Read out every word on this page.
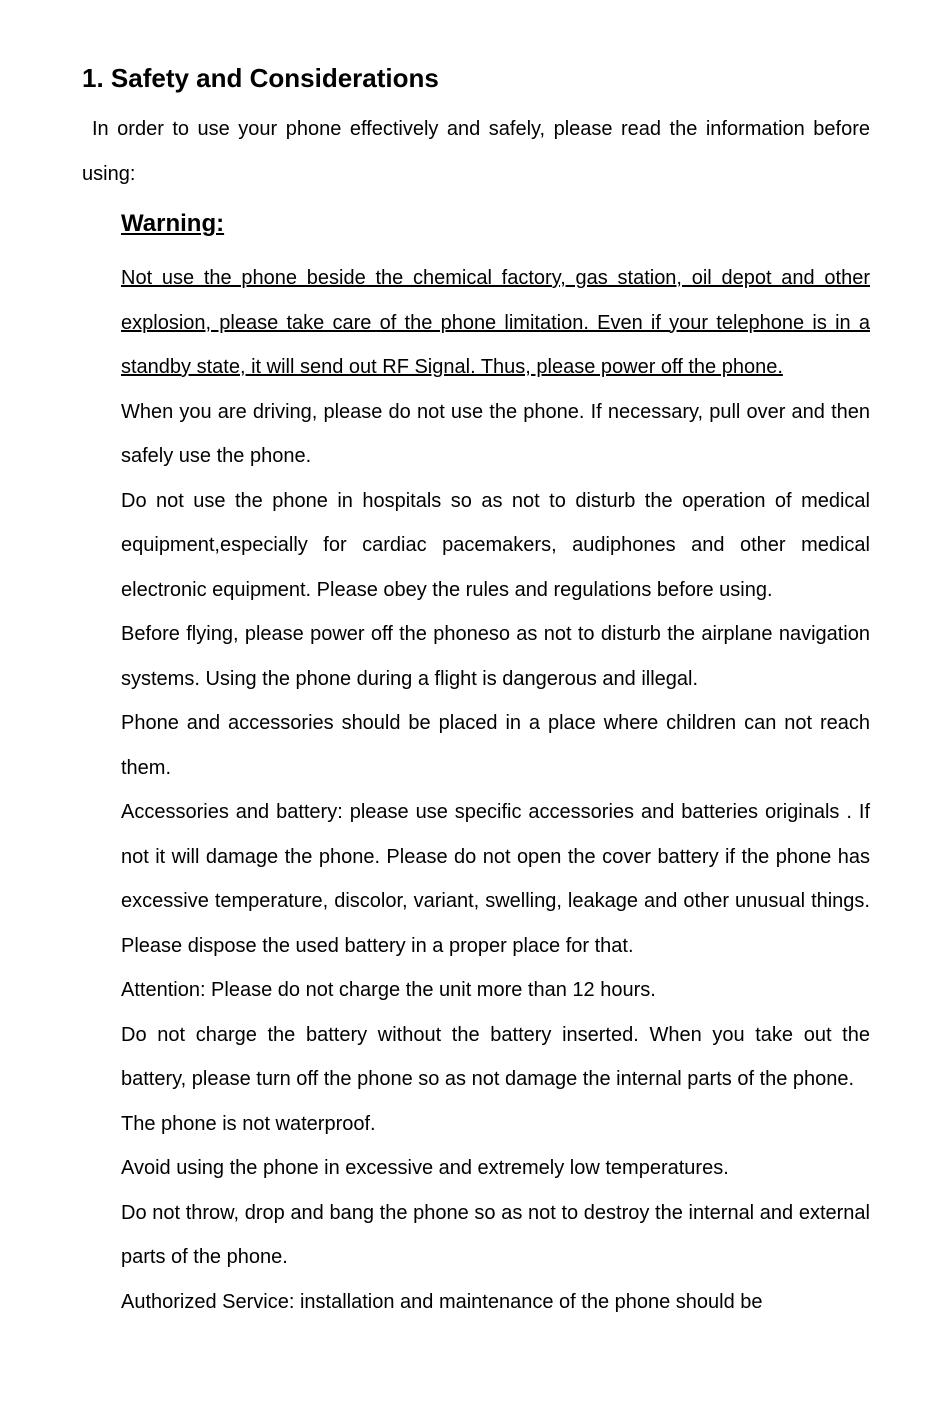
1. Safety and Considerations

In order to use your phone effectively and safely, please read the information before using:

Warning:

Not use the phone beside the chemical factory, gas station, oil depot and other explosion, please take care of the phone limitation. Even if your telephone is in a standby state, it will send out RF Signal. Thus, please power off the phone.

When you are driving, please do not use the phone. If necessary, pull over and then safely use the phone.

Do not use the phone in hospitals so as not to disturb the operation of medical equipment,especially for cardiac pacemakers, audiphones and other medical electronic equipment. Please obey the rules and regulations before using.

Before flying, please power off the phoneso as not to disturb the airplane navigation systems. Using the phone during a flight is dangerous and illegal.

Phone and accessories should be placed in a place where children can not reach them.

Accessories and battery: please use specific accessories and batteries originals . If not it will damage the phone. Please do not open the cover battery if the phone has excessive temperature, discolor, variant, swelling, leakage and other unusual things. Please dispose the used battery in a proper place for that.

Attention: Please do not charge the unit more than 12 hours.

Do not charge the battery without the battery inserted. When you take out the battery, please turn off the phone so as not damage the internal parts of the phone.

The phone is not waterproof.

Avoid using the phone in excessive and extremely low temperatures.

Do not throw, drop and bang the phone so as not to destroy the internal and external parts of the phone.

Authorized Service: installation and maintenance of the phone should be
